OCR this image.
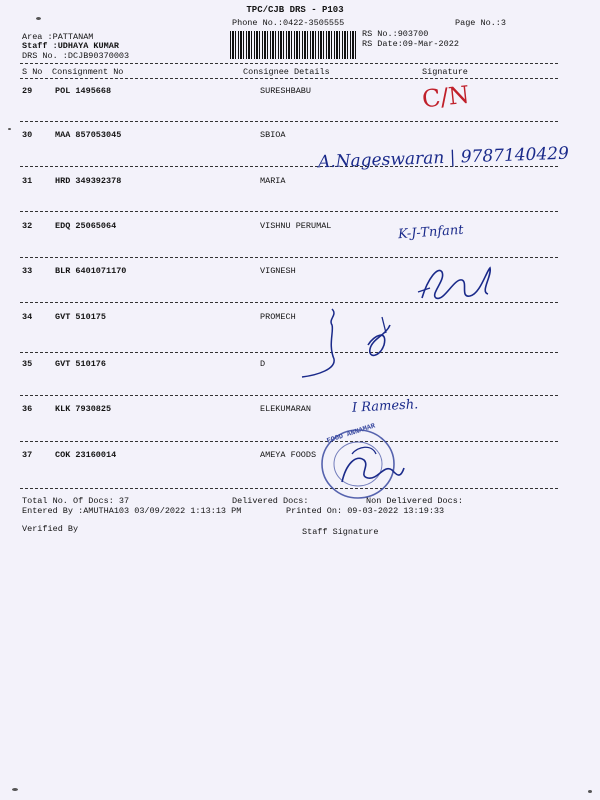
TPC/CJB DRS - P103
Phone No.:0422-3505555	Page No.:3
Area :PATTANAM
Staff :UDHAYA KUMAR
DRS No. :DCJB90370003
RS No.:903700
RS Date:09-Mar-2022
S No Consignment No	Consignee Details	Signature
29	POL 1495668	SURESHBABU
30	MAA 857053045	SBIOA
31	HRD 349392378	MARIA
32	EDQ 25065064	VISHNU PERUMAL
33	BLR 6401071170	VIGNESH
34	GVT 510175	PROMECH
35	GVT 510176	D
36	KLK 7930825	ELEKUMARAN
37	COK 23160014	AMEYA FOODS
C/N
A.Nageswaran | 9787140429
K-J-Tnfant
I Ramesh.
FOOD ANNAMAR
Total No. Of Docs: 37	Delivered Docs:	Non Delivered Docs:
Entered By :AMUTHA103 03/09/2022 1:13:13 PM	Printed On: 09-03-2022 13:19:33
Verified By	Staff Signature
